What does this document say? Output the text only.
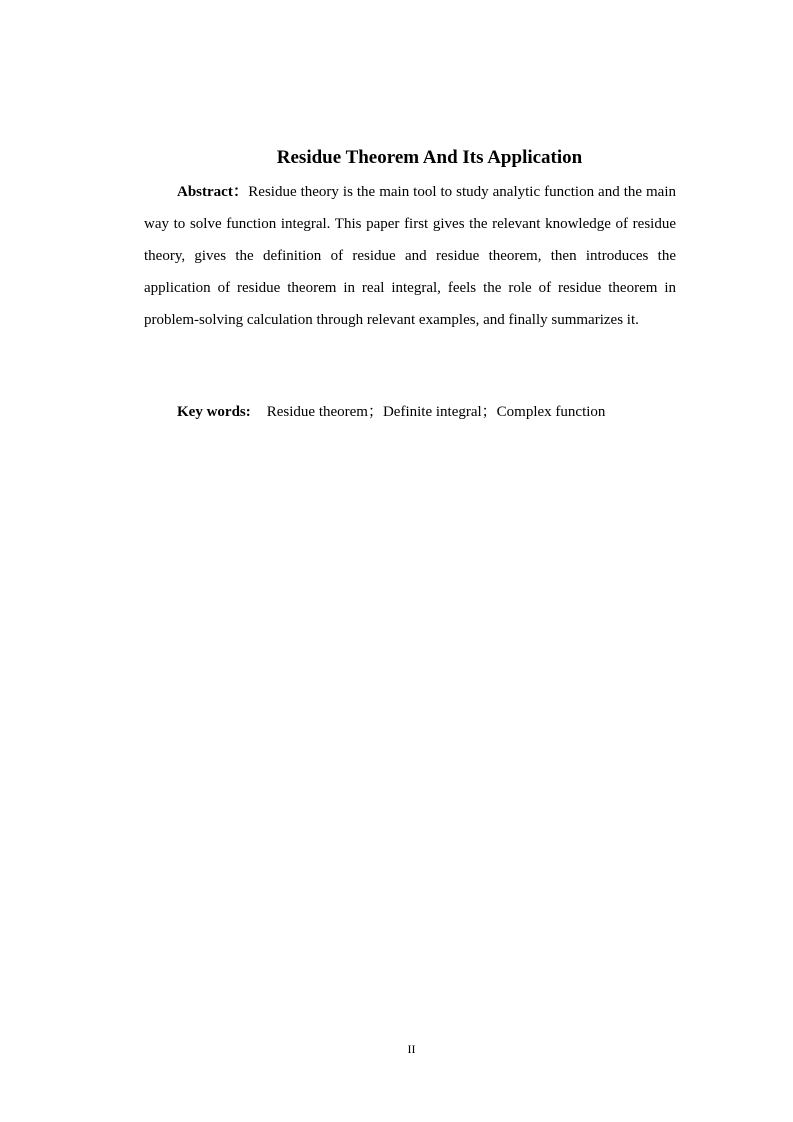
Residue Theorem And Its Application

Abstract：Residue theory is the main tool to study analytic function and the main way to solve function integral. This paper first gives the relevant knowledge of residue theory, gives the definition of residue and residue theorem, then introduces the application of residue theorem in real integral, feels the role of residue theorem in problem-solving calculation through relevant examples, and finally summarizes it.

Key words: Residue theorem；Definite integral；Complex function

II
